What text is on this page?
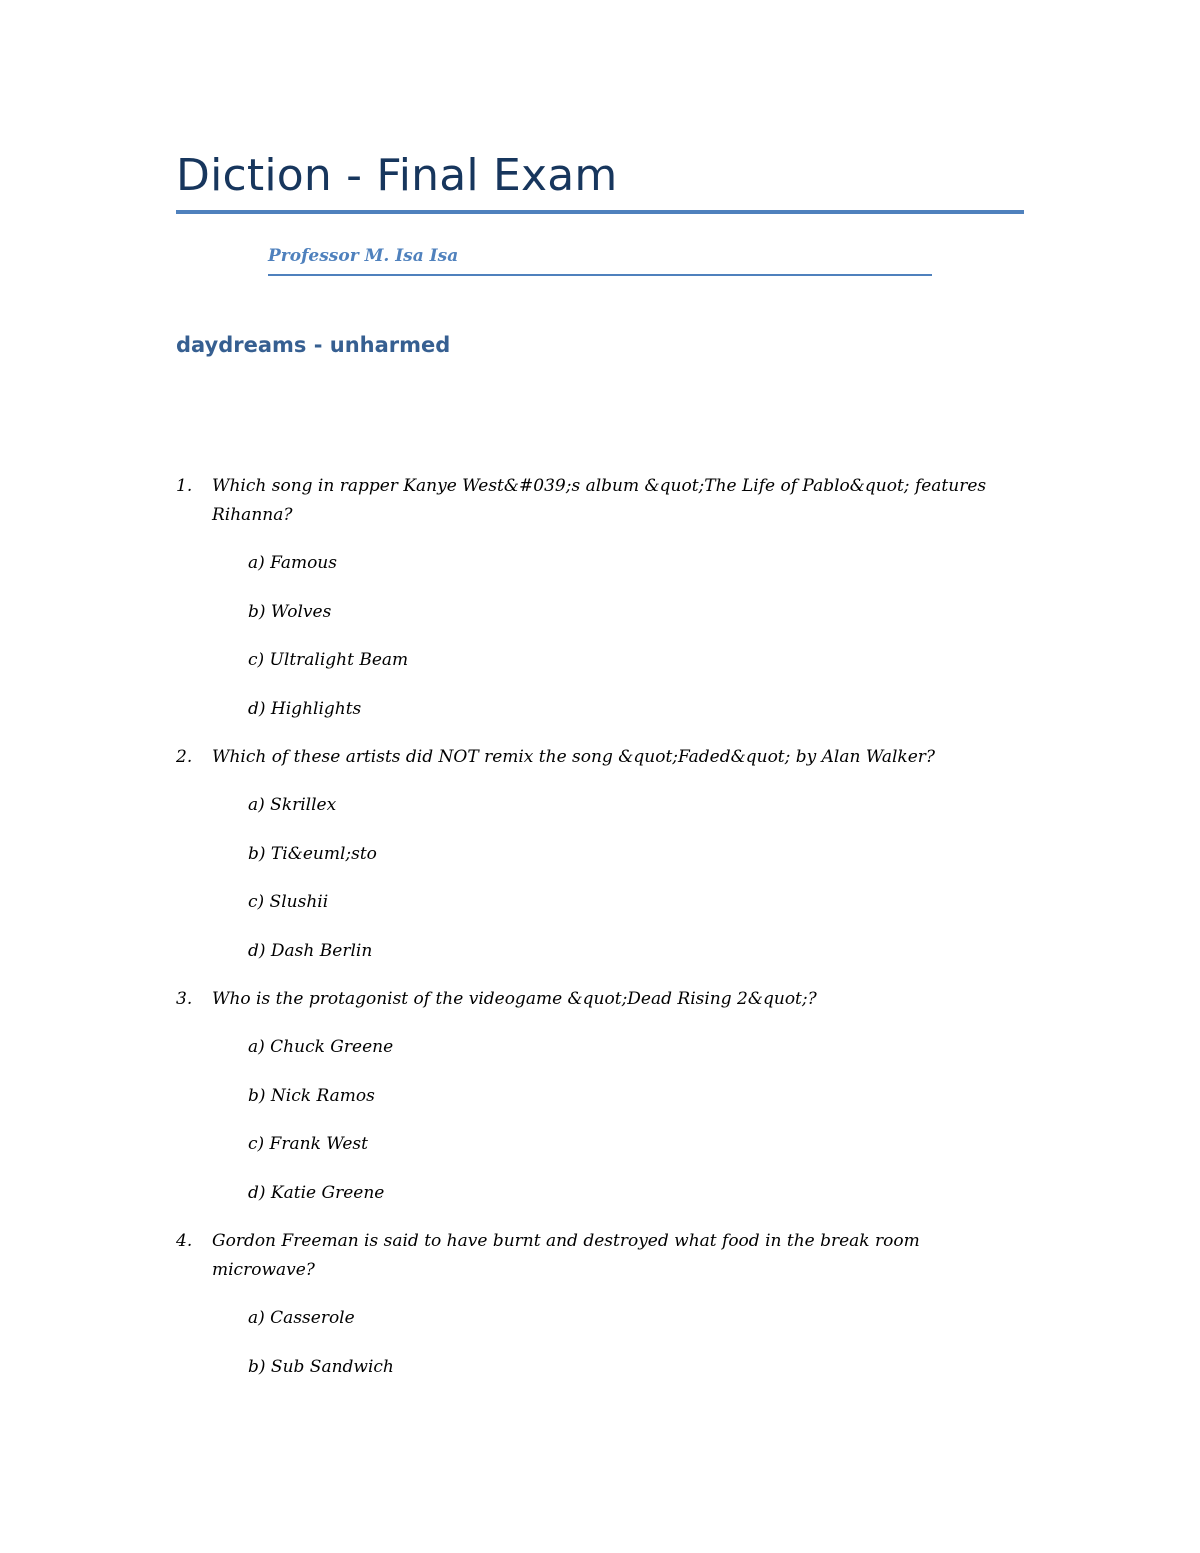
Diction - Final Exam
Professor M. Isa Isa
daydreams - unharmed
1. Which song in rapper Kanye West&#039;s album &quot;The Life of Pablo&quot; features Rihanna?
a) Famous
b) Wolves
c) Ultralight Beam
d) Highlights
2. Which of these artists did NOT remix the song &quot;Faded&quot; by Alan Walker?
a) Skrillex
b) Ti&euml;sto
c) Slushii
d) Dash Berlin
3. Who is the protagonist of the videogame &quot;Dead Rising 2&quot;?
a) Chuck Greene
b) Nick Ramos
c) Frank West
d) Katie Greene
4. Gordon Freeman is said to have burnt and destroyed what food in the break room microwave?
a) Casserole
b) Sub Sandwich
